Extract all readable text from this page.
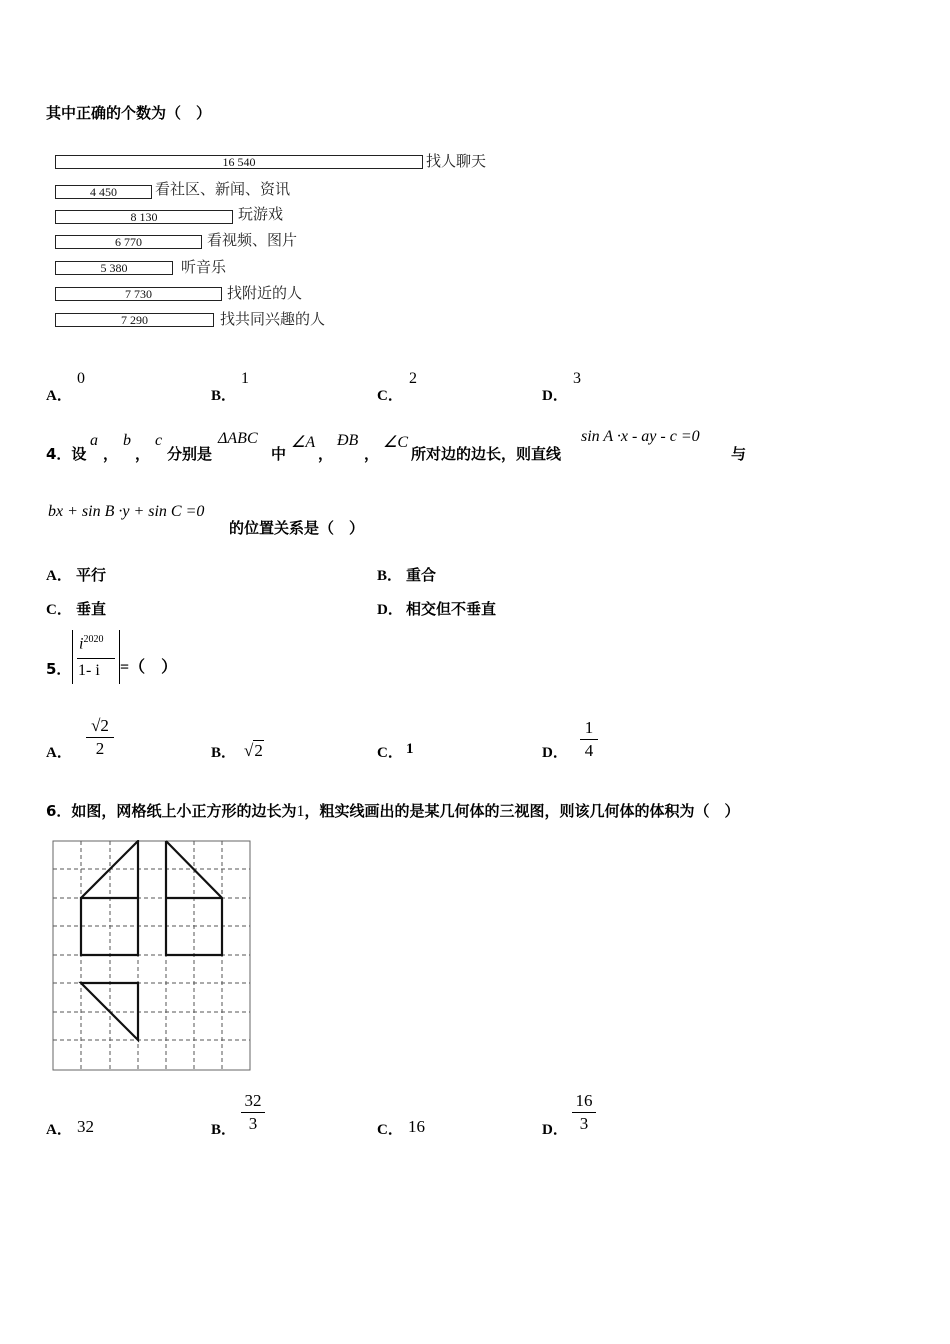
其中正确的个数为（　）
16 540	找人聊天
4 450	看社区、新闻、资讯
8 130	玩游戏
6 770	看视频、图片
5 380	听音乐
7 730	找附近的人
7 290	找共同兴趣的人
A．
0
B．
1
C．
2
D．
3
4．设
a
，
b
，
c
分别是
ΔABC
中
∠A
，
ÐB
，
∠C
所对边的边长，则直线
sin A ·x - ay - c =0
与
bx + sin B ·y + sin C =0
的位置关系是（　）
A． 平行	B． 重合
C． 垂直	D． 相交但不垂直
5．
$i^{2020}$
1- i =（　）
A．
√2
2	B． √2	C． 1	D．
1
4
6．如图，网格纸上小正方形的边长为1，粗实线画出的是某几何体的三视图，则该几何体的体积为（　）
A． 32	B．
32
3	C． 16	D．
16
3
